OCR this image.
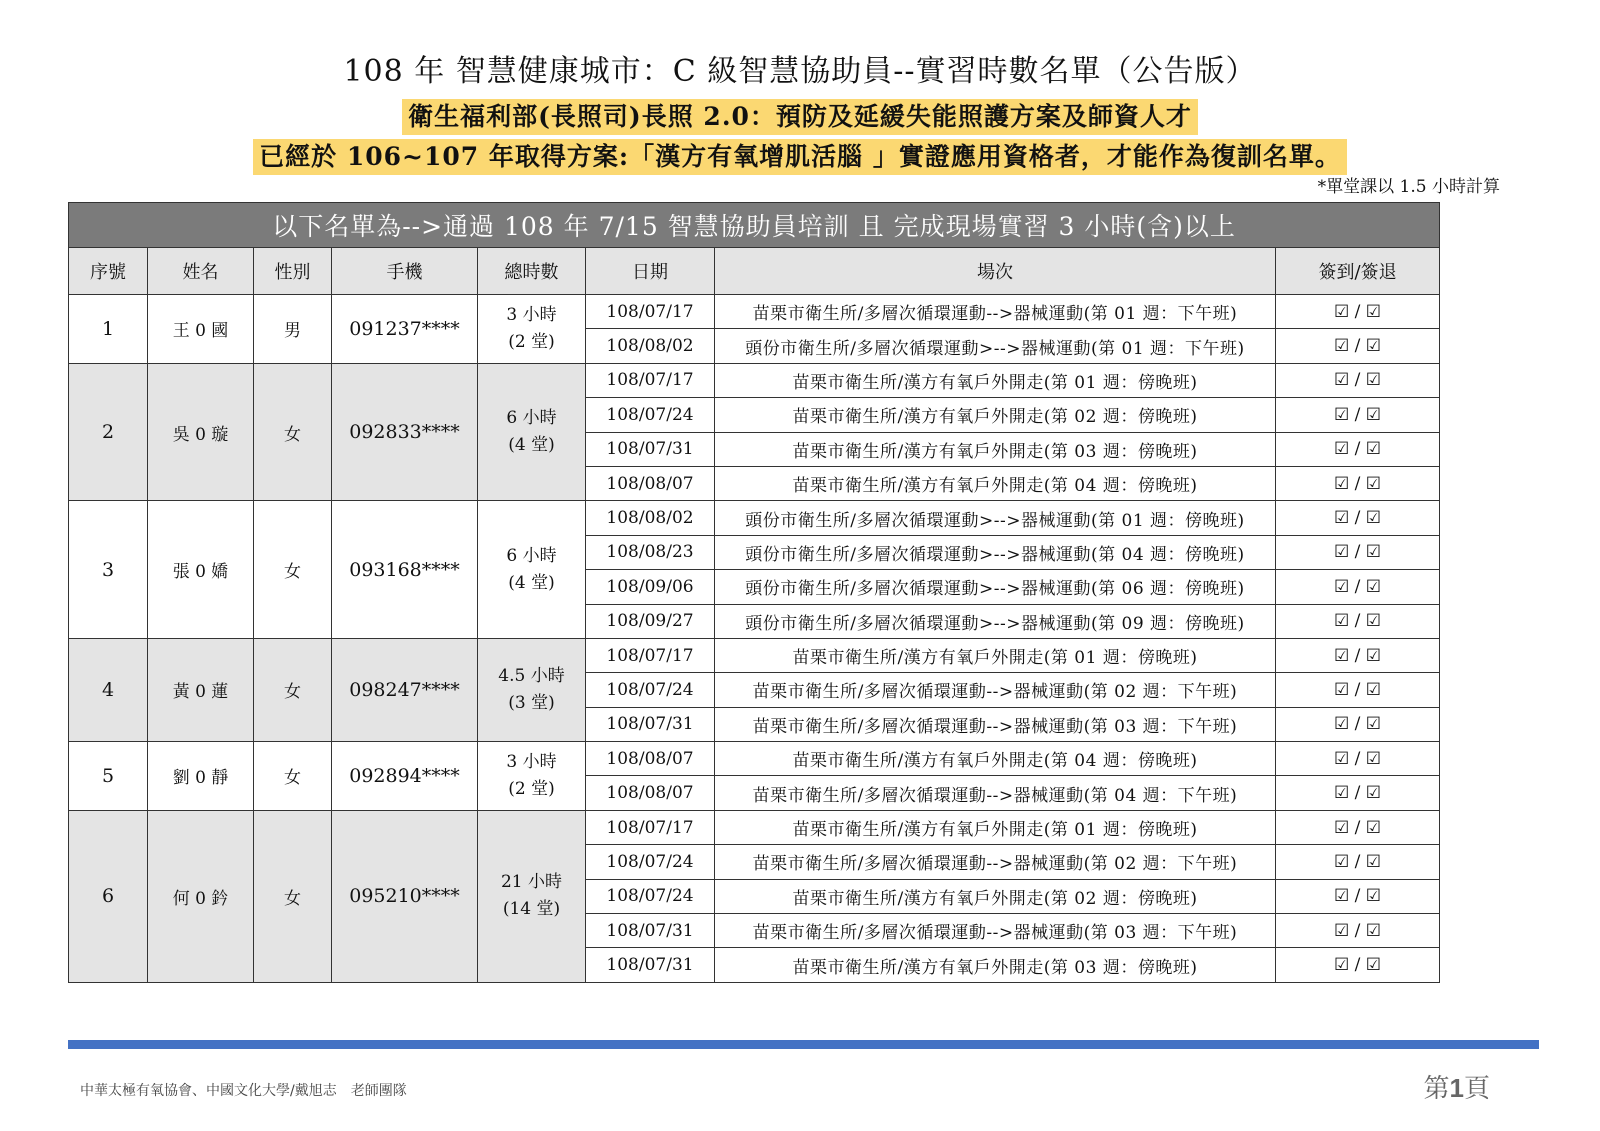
108 年 智慧健康城市：C 級智慧協助員--實習時數名單（公告版）
衛生福利部(長照司)長照 2.0：預防及延緩失能照護方案及師資人才
已經於 106~107 年取得方案:「漢方有氧增肌活腦 」實證應用資格者，才能作為復訓名單。
*單堂課以 1.5 小時計算
以下名單為-->通過 108 年 7/15 智慧協助員培訓 且 完成現場實習 3 小時(含)以上							
序號	姓名	性別	手機	總時數	日期	場次	簽到/簽退
1	王 0 國	男	091237****	3 小時
(2 堂)	108/07/17	苗栗市衛生所/多層次循環運動-->器械運動(第 01 週：下午班)	☑ / ☑
					108/08/02	頭份市衛生所/多層次循環運動>-->器械運動(第 01 週：下午班)	☑ / ☑
2	吳 0 璇	女	092833****	6 小時
(4 堂)	108/07/17	苗栗市衛生所/漢方有氧戶外開走(第 01 週：傍晚班)	☑ / ☑
					108/07/24	苗栗市衛生所/漢方有氧戶外開走(第 02 週：傍晚班)	☑ / ☑
					108/07/31	苗栗市衛生所/漢方有氧戶外開走(第 03 週：傍晚班)	☑ / ☑
					108/08/07	苗栗市衛生所/漢方有氧戶外開走(第 04 週：傍晚班)	☑ / ☑
3	張 0 嬌	女	093168****	6 小時
(4 堂)	108/08/02	頭份市衛生所/多層次循環運動>-->器械運動(第 01 週：傍晚班)	☑ / ☑
					108/08/23	頭份市衛生所/多層次循環運動>-->器械運動(第 04 週：傍晚班)	☑ / ☑
					108/09/06	頭份市衛生所/多層次循環運動>-->器械運動(第 06 週：傍晚班)	☑ / ☑
					108/09/27	頭份市衛生所/多層次循環運動>-->器械運動(第 09 週：傍晚班)	☑ / ☑
4	黃 0 蓮	女	098247****	4.5 小時
(3 堂)	108/07/17	苗栗市衛生所/漢方有氧戶外開走(第 01 週：傍晚班)	☑ / ☑
					108/07/24	苗栗市衛生所/多層次循環運動-->器械運動(第 02 週：下午班)	☑ / ☑
					108/07/31	苗栗市衛生所/多層次循環運動-->器械運動(第 03 週：下午班)	☑ / ☑
5	劉 0 靜	女	092894****	3 小時
(2 堂)	108/08/07	苗栗市衛生所/漢方有氧戶外開走(第 04 週：傍晚班)	☑ / ☑
					108/08/07	苗栗市衛生所/多層次循環運動-->器械運動(第 04 週：下午班)	☑ / ☑
6	何 0 鈐	女	095210****	21 小時
(14 堂)	108/07/17	苗栗市衛生所/漢方有氧戶外開走(第 01 週：傍晚班)	☑ / ☑
					108/07/24	苗栗市衛生所/多層次循環運動-->器械運動(第 02 週：下午班)	☑ / ☑
					108/07/24	苗栗市衛生所/漢方有氧戶外開走(第 02 週：傍晚班)	☑ / ☑
					108/07/31	苗栗市衛生所/多層次循環運動-->器械運動(第 03 週：下午班)	☑ / ☑
					108/07/31	苗栗市衛生所/漢方有氧戶外開走(第 03 週：傍晚班)	☑ / ☑
中華太極有氧協會、中國文化大學/戴旭志　老師團隊	第1頁
